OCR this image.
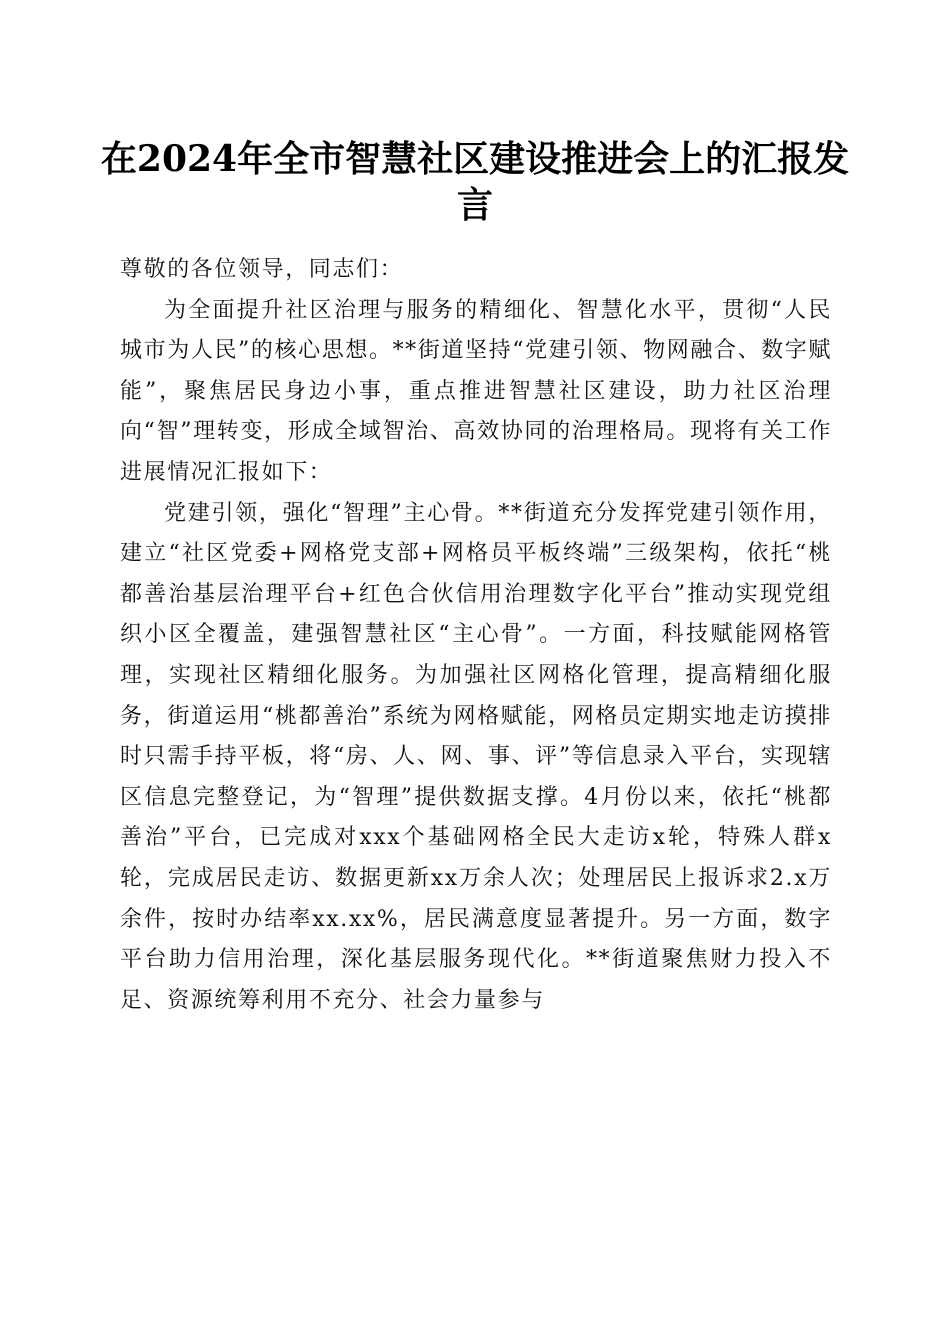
在2024年全市智慧社区建设推进会上的汇报发言

尊敬的各位领导，同志们：

为全面提升社区治理与服务的精细化、智慧化水平，贯彻“人民城市为人民”的核心思想。**街道坚持“党建引领、物网融合、数字赋能”，聚焦居民身边小事，重点推进智慧社区建设，助力社区治理向“智”理转变，形成全域智治、高效协同的治理格局。现将有关工作进展情况汇报如下：

党建引领，强化“智理”主心骨。**街道充分发挥党建引领作用，建立“社区党委+网格党支部+网格员平板终端”三级架构，依托“桃都善治基层治理平台+红色合伙信用治理数字化平台”推动实现党组织小区全覆盖，建强智慧社区“主心骨”。一方面，科技赋能网格管理，实现社区精细化服务。为加强社区网格化管理，提高精细化服务，街道运用“桃都善治”系统为网格赋能，网格员定期实地走访摸排时只需手持平板，将“房、人、网、事、评”等信息录入平台，实现辖区信息完整登记，为“智理”提供数据支撑。4月份以来，依托“桃都善治”平台，已完成对xxx个基础网格全民大走访x轮，特殊人群x轮，完成居民走访、数据更新xx万余人次；处理居民上报诉求2.x万余件，按时办结率xx.xx%，居民满意度显著提升。另一方面，数字平台助力信用治理，深化基层服务现代化。**街道聚焦财力投入不足、资源统筹利用不充分、社会力量参与
